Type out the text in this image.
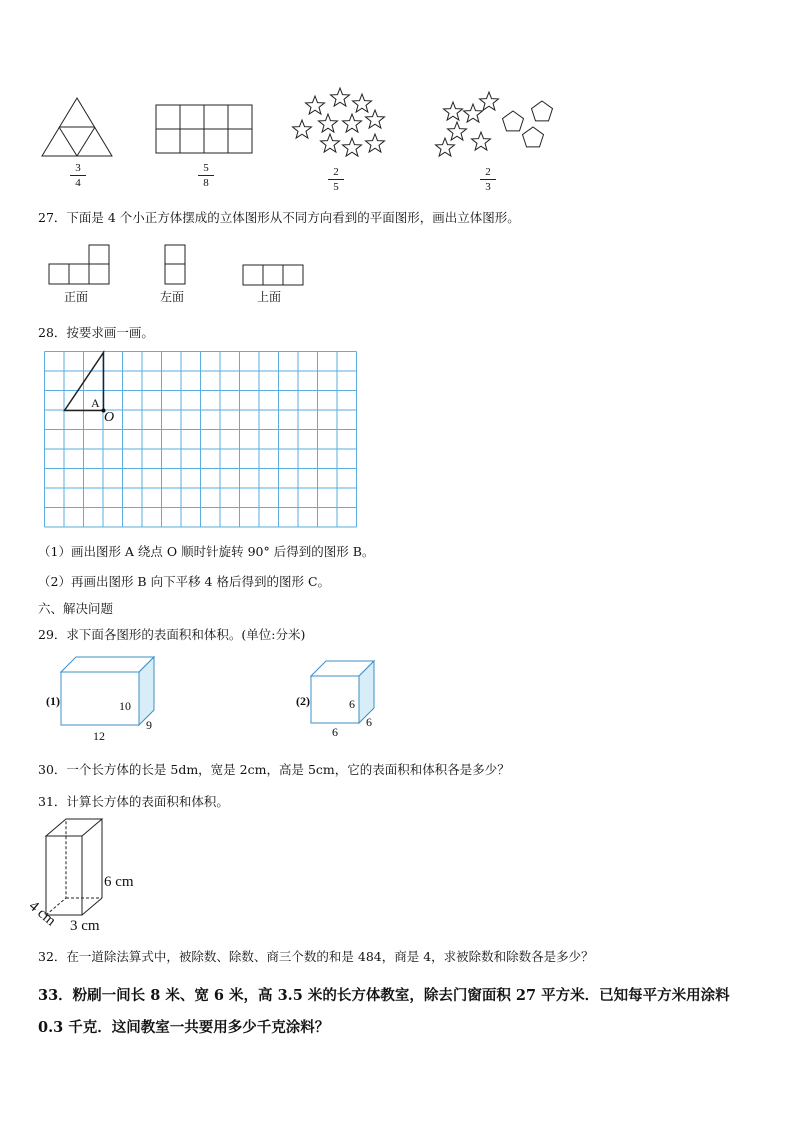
3
4
5
8
2
5
2
3
27．下面是 4 个小正方体摆成的立体图形从不同方向看到的平面图形，画出立体图形。
正面	左面	上面
28．按要求画一画。
A
O
（1）画出图形 A 绕点 O 顺时针旋转 90° 后得到的图形 B。
（2）再画出图形 B 向下平移 4 格后得到的图形 C。
六、解决问题
29．求下面各图形的表面积和体积。(单位:分米)
(1)	10
9
12
(2)	6
6
6
30．一个长方体的长是 5dm，宽是 2cm，高是 5cm，它的表面积和体积各是多少？
31．计算长方体的表面积和体积。
6 cm
3 cm
4 cm
32．在一道除法算式中，被除数、除数、商三个数的和是 484，商是 4，求被除数和除数各是多少？
33．粉刷一间长 8 米、宽 6 米，高 3.5 米的长方体教室，除去门窗面积 27 平方米．已知每平方米用涂料
0.3 千克．这间教室一共要用多少千克涂料？
